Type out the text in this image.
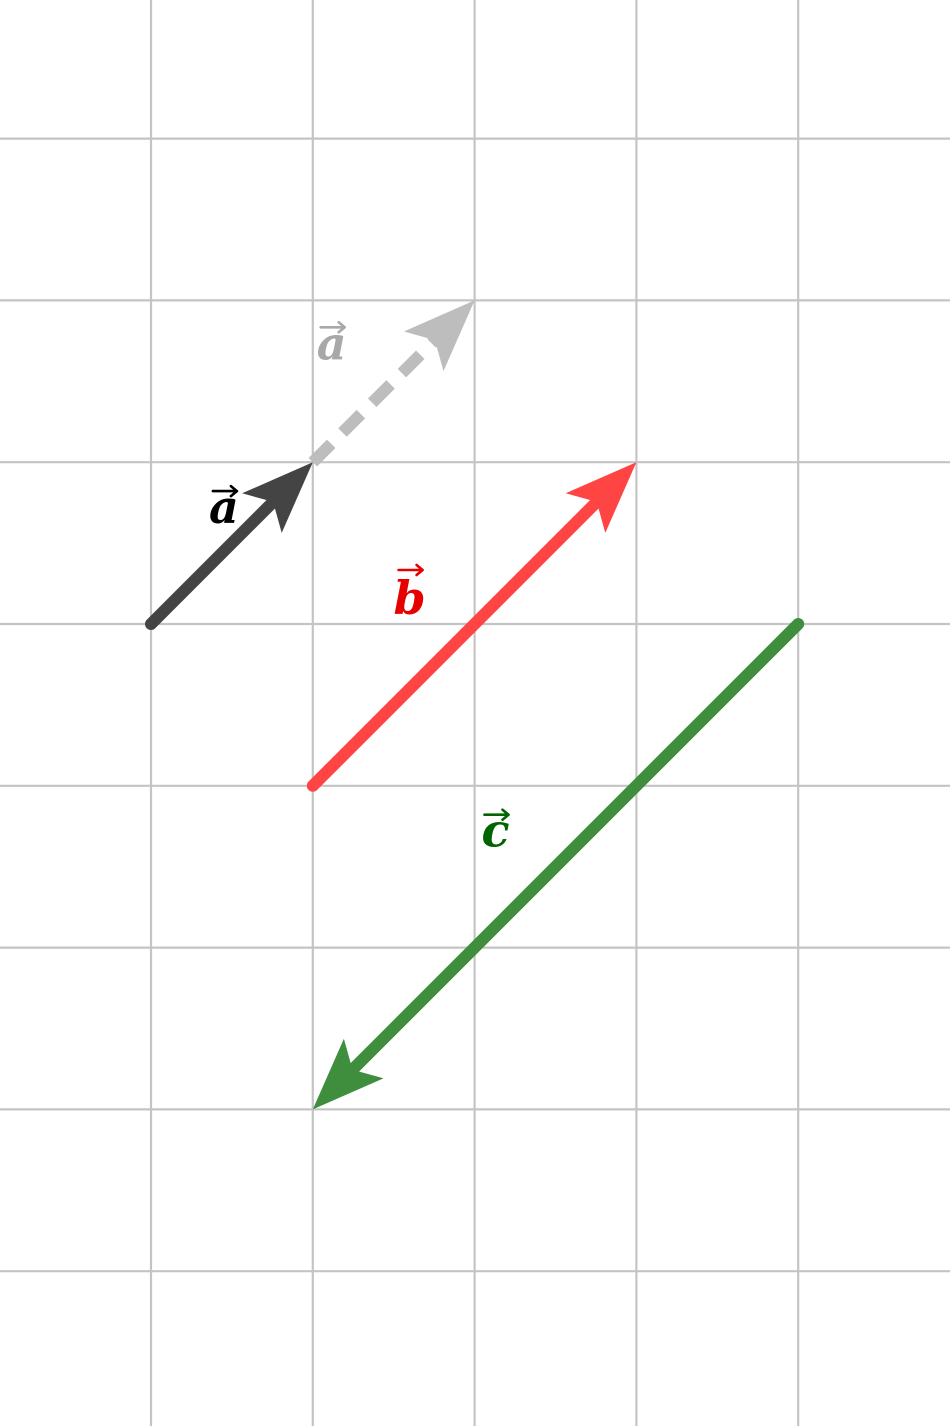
a
a
b
c
